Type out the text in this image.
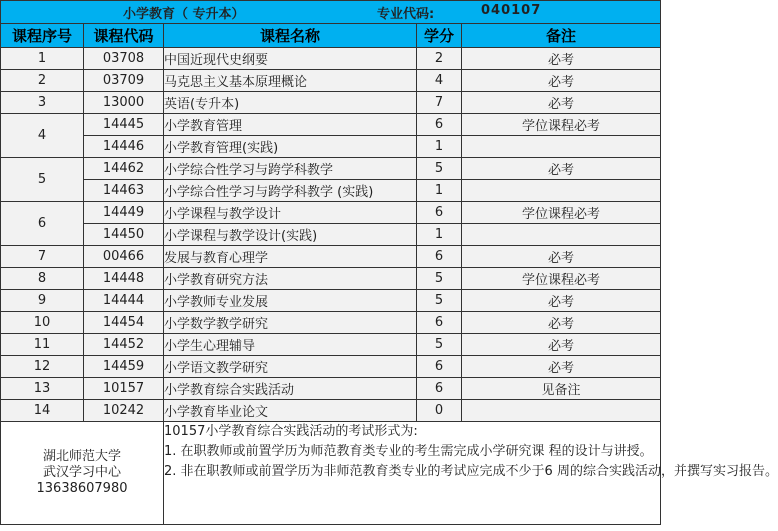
小学教育（ 专升本） 专业代码: 040107				

课程序号	课程代码	课程名称	学分	备注
1	03708	中国近现代史纲要	2	必考
2	03709	马克思主义基本原理概论	4	必考
3	13000	英语(专升本)	7	必考
4	14445	小学教育管理	6	学位课程必考
	14446	小学教育管理(实践)	1	
5	14462	小学综合性学习与跨学科教学	5	必考
	14463	小学综合性学习与跨学科教学 (实践)	1	
6	14449	小学课程与教学设计	6	学位课程必考
	14450	小学课程与教学设计(实践)	1	
7	00466	发展与教育心理学	6	必考
8	14448	小学教育研究方法	5	学位课程必考
9	14444	小学教师专业发展	5	必考
10	14454	小学数学教学研究	6	必考
11	14452	小学生心理辅导	5	必考
12	14459	小学语文教学研究	6	必考
13	10157	小学教育综合实践活动	6	见备注
14	10242	小学教育毕业论文	0	

湖北师范大学
武汉学习中心
13638607980		10157小学教育综合实践活动的考试形式为:
1. 在职教师或前置学历为师范教育类专业的考生需完成小学研究课 程的设计与讲授。
2. 非在职教师或前置学历为非师范教育类专业的考试应完成不少于6 周的综合实践活动，并撰写实习报告。		
